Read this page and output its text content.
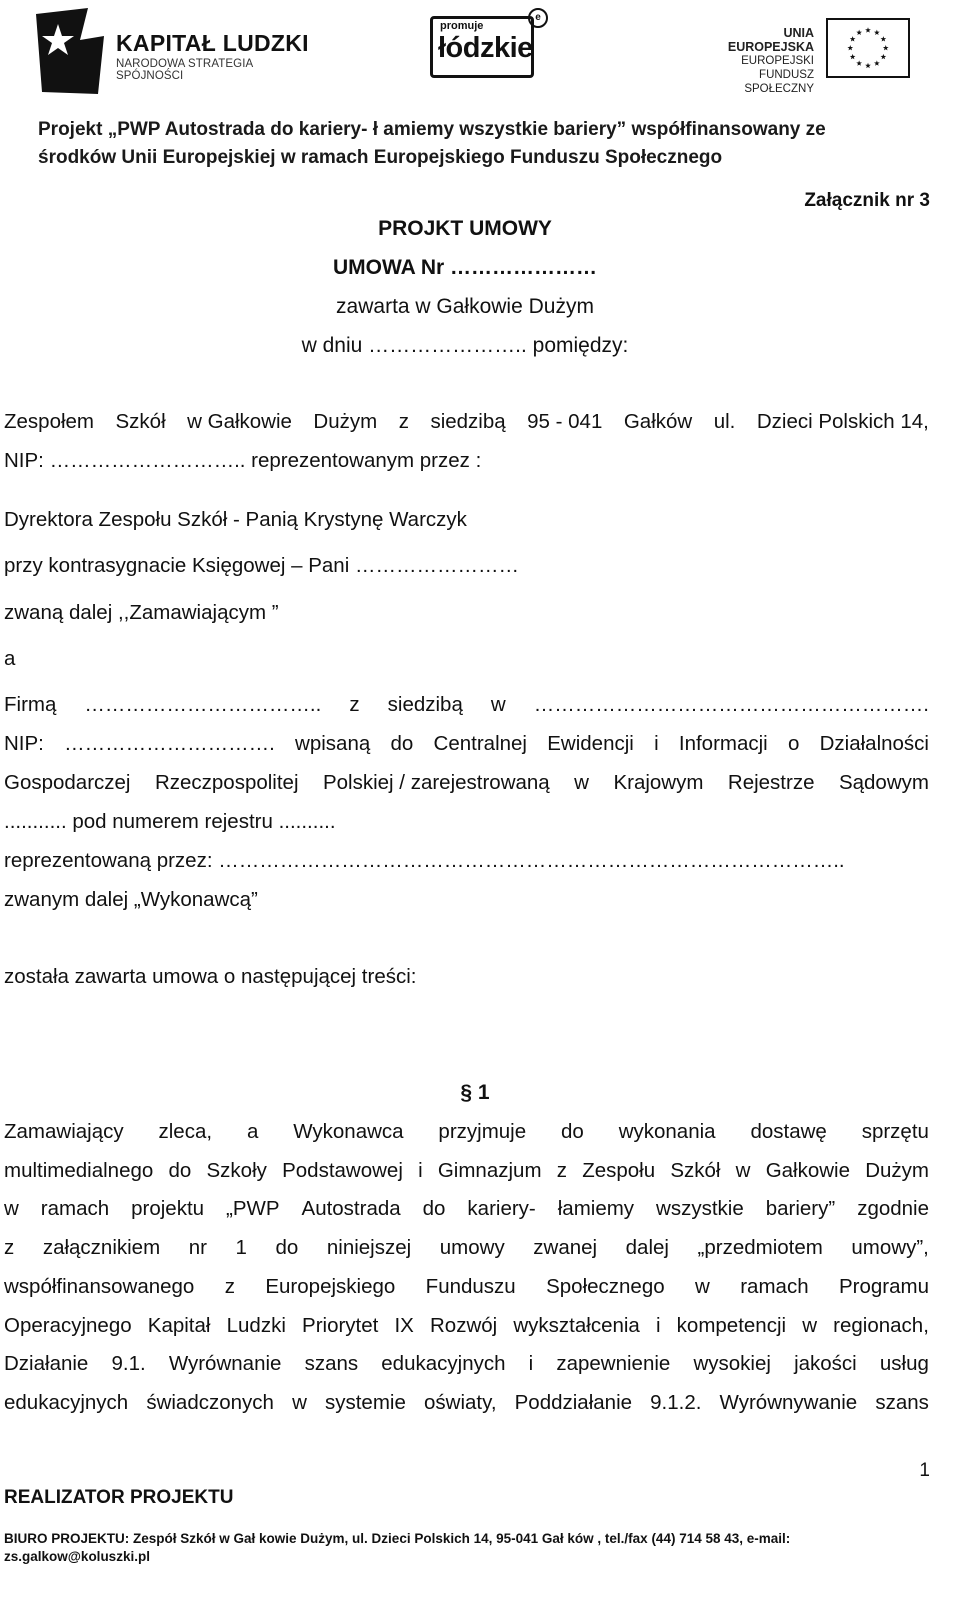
KAPITAŁ LUDZKI
NARODOWA STRATEGIA SPÓJNOŚCI
promuje
łódzkie
e
UNIA EUROPEJSKA
EUROPEJSKI
FUNDUSZ SPOŁECZNY
Projekt „PWP Autostrada do kariery- ł amiemy wszystkie bariery” współfinansowany ze
środków Unii Europejskiej w ramach Europejskiego Funduszu Społecznego
Załącznik nr 3
PROJKT UMOWY
UMOWA Nr …………………
zawarta w Gałkowie Dużym
w dniu ………………….. pomiędzy:
Zespołem Szkół w Gałkowie Dużym z siedzibą 95 - 041 Gałków ul. Dzieci Polskich 14,
NIP: ……………………….. reprezentowanym przez :
Dyrektora Zespołu Szkół - Panią Krystynę Warczyk
przy kontrasygnacie Księgowej – Pani ……………………
zwaną dalej ,,Zamawiającym ”
a
Firmą …………………………….. z siedzibą w ………………………………………………….
NIP: …………………………. wpisaną do Centralnej Ewidencji i Informacji o Działalności
Gospodarczej Rzeczpospolitej Polskiej / zarejestrowaną w Krajowym Rejestrze Sądowym
........... pod numerem rejestru ..........
reprezentowaną przez: ………………………………………………………………………………..
zwanym dalej „Wykonawcą”
została zawarta umowa o następującej treści:
§ 1
Zamawiający zleca, a Wykonawca przyjmuje do wykonania dostawę sprzętu
multimedialnego do Szkoły Podstawowej i Gimnazjum z Zespołu Szkół w Gałkowie Dużym
w ramach projektu „PWP Autostrada do kariery- łamiemy wszystkie bariery” zgodnie
z załącznikiem nr 1 do niniejszej umowy zwanej dalej „przedmiotem umowy”,
współfinansowanego z Europejskiego Funduszu Społecznego w ramach Programu
Operacyjnego Kapitał Ludzki Priorytet IX Rozwój wykształcenia i kompetencji w regionach,
Działanie 9.1. Wyrównanie szans edukacyjnych i zapewnienie wysokiej jakości usług
edukacyjnych świadczonych w systemie oświaty, Poddziałanie 9.1.2. Wyrównywanie szans
1
REALIZATOR PROJEKTU
BIURO PROJEKTU: Zespół Szkół w Gał kowie Dużym, ul. Dzieci Polskich 14, 95-041 Gał ków , tel./fax (44) 714 58 43, e-mail:
zs.galkow@koluszki.pl
